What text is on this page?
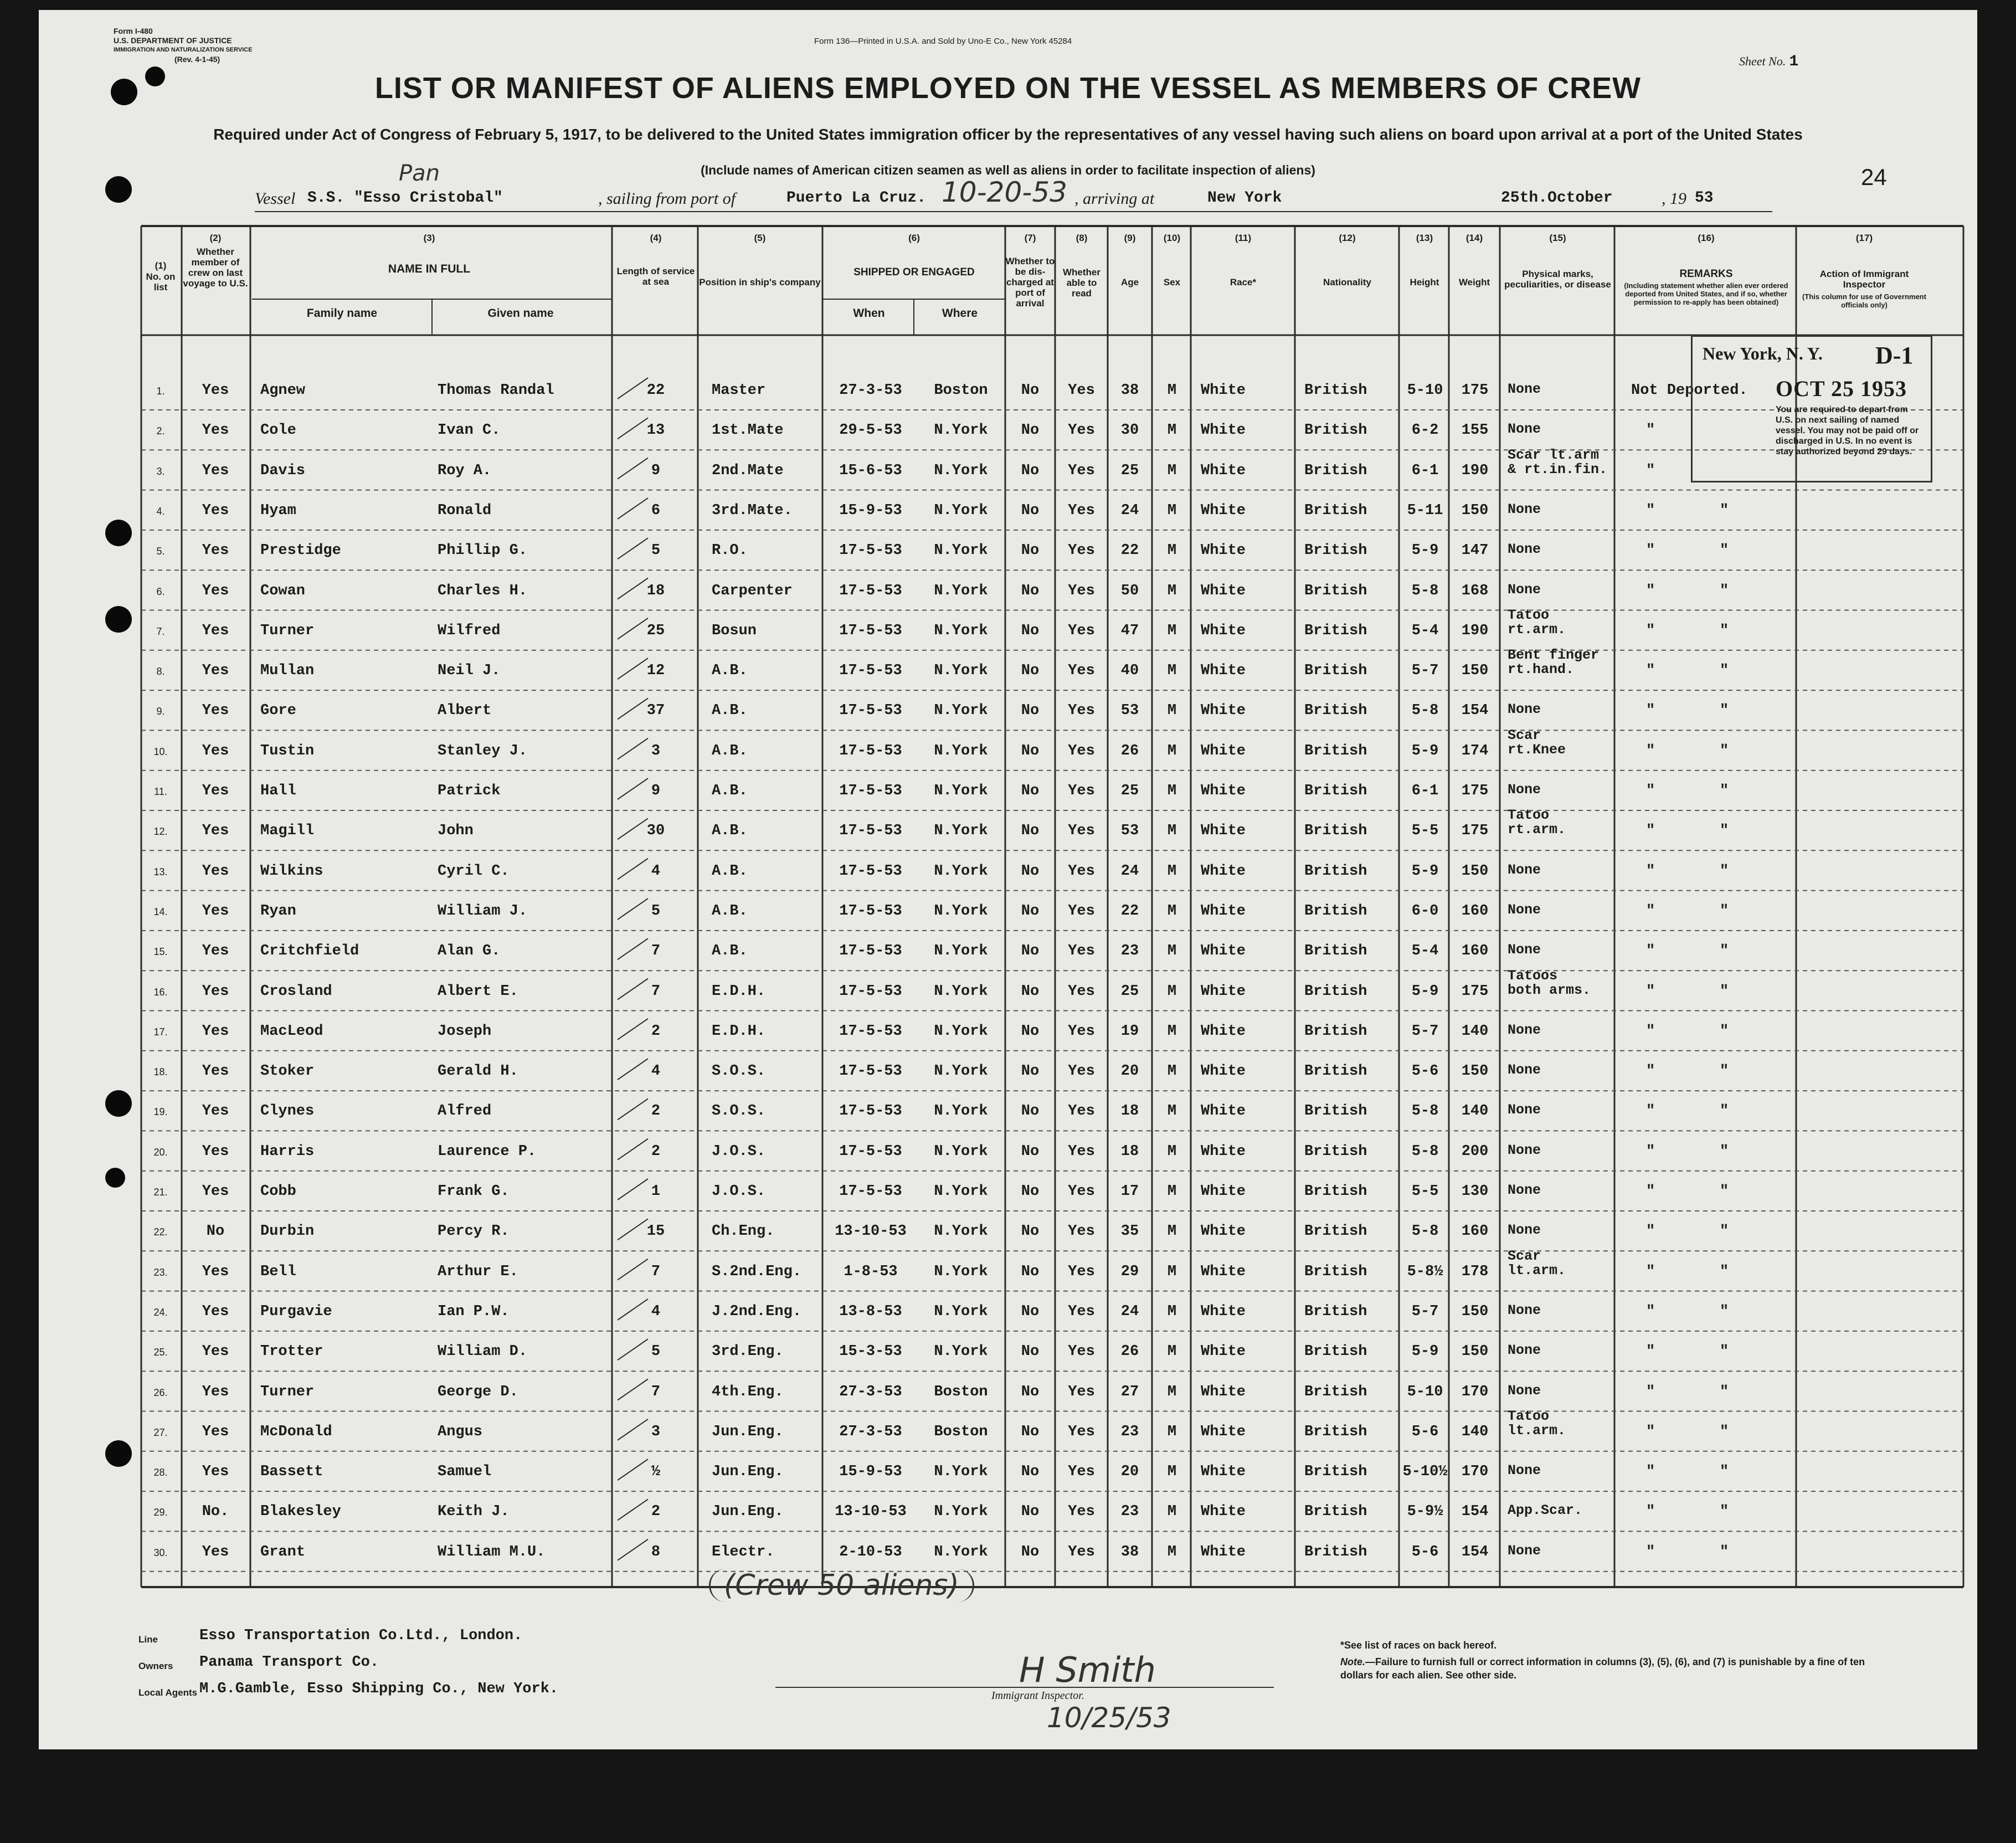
Form I-480
U.S. DEPARTMENT OF JUSTICE
IMMIGRATION AND NATURALIZATION SERVICE
(Rev. 4-1-45)
Form 136—Printed in U.S.A. and Sold by Uno-E Co., New York 45284
Sheet No. 1
LIST OR MANIFEST OF ALIENS EMPLOYED ON THE VESSEL AS MEMBERS OF CREW
Required under Act of Congress of February 5, 1917, to be delivered to the United States immigration officer by the representatives of any vessel having such aliens on board upon arrival at a port of the United States
(Include names of American citizen seamen as well as aliens in order to facilitate inspection of aliens)	24
Pan
Vessel S.S. "Esso Cristobal"	, sailing from port of	Puerto La Cruz.	, arriving at	New York	25th.October	, 19 53
10-20-53
(1)
No. on list
(2)
Whether member of crew on last voyage to U.S.
(3)
NAME IN FULL
Family name	Given name
(4)
Length of service at sea
(5)
Position in ship's company
(6)
SHIPPED OR ENGAGED
When	Where
(7)
Whether to be dis-charged at port of arrival
(8)
Whether able to read
(9)
Age
(10)
Sex
(11)
Race*
(12)
Nationality
(13)
Height
(14)
Weight
(15)
Physical marks, peculiarities, or disease
(16)
REMARKS
(Including statement whether alien ever ordered deported from United States, and if so, whether permission to re-apply has been obtained)
(17)
Action of Immigrant Inspector
(This column for use of Government officials only)
1.	Yes	Agnew	Thomas Randal	22	Master	27-3-53	Boston	No	Yes	38	M	White	British	5-10	175	None	Not Deported.
2.	Yes	Cole	Ivan C.	13	1st.Mate	29-5-53	N.York	No	Yes	30	M	White	British	6-2	155	None	"
3.	Yes	Davis	Roy A.	9	2nd.Mate	15-6-53	N.York	No	Yes	25	M	White	British	6-1	190
Scar lt.arm
& rt.in.fin.	"
4.	Yes	Hyam	Ronald	6	3rd.Mate.	15-9-53	N.York	No	Yes	24	M	White	British	5-11	150	None	"	"
5.	Yes	Prestidge	Phillip G.	5	R.O.	17-5-53	N.York	No	Yes	22	M	White	British	5-9	147	None	"	"
6.	Yes	Cowan	Charles H.	18	Carpenter	17-5-53	N.York	No	Yes	50	M	White	British	5-8	168	None	"	"
7.	Yes	Turner	Wilfred	25	Bosun	17-5-53	N.York	No	Yes	47	M	White	British	5-4	190
Tatoo
rt.arm.	"	"
8.	Yes	Mullan	Neil J.	12	A.B.	17-5-53	N.York	No	Yes	40	M	White	British	5-7	150
Bent finger
rt.hand.	"	"
9.	Yes	Gore	Albert	37	A.B.	17-5-53	N.York	No	Yes	53	M	White	British	5-8	154	None	"	"
10.	Yes	Tustin	Stanley J.	3	A.B.	17-5-53	N.York	No	Yes	26	M	White	British	5-9	174
Scar
rt.Knee	"	"
11.	Yes	Hall	Patrick	9	A.B.	17-5-53	N.York	No	Yes	25	M	White	British	6-1	175	None	"	"
12.	Yes	Magill	John	30	A.B.	17-5-53	N.York	No	Yes	53	M	White	British	5-5	175
Tatoo
rt.arm.	"	"
13.	Yes	Wilkins	Cyril C.	4	A.B.	17-5-53	N.York	No	Yes	24	M	White	British	5-9	150	None	"	"
14.	Yes	Ryan	William J.	5	A.B.	17-5-53	N.York	No	Yes	22	M	White	British	6-0	160	None	"	"
15.	Yes	Critchfield	Alan G.	7	A.B.	17-5-53	N.York	No	Yes	23	M	White	British	5-4	160	None	"	"
16.	Yes	Crosland	Albert E.	7	E.D.H.	17-5-53	N.York	No	Yes	25	M	White	British	5-9	175
Tatoos
both arms.	"	"
17.	Yes	MacLeod	Joseph	2	E.D.H.	17-5-53	N.York	No	Yes	19	M	White	British	5-7	140	None	"	"
18.	Yes	Stoker	Gerald H.	4	S.O.S.	17-5-53	N.York	No	Yes	20	M	White	British	5-6	150	None	"	"
19.	Yes	Clynes	Alfred	2	S.O.S.	17-5-53	N.York	No	Yes	18	M	White	British	5-8	140	None	"	"
20.	Yes	Harris	Laurence P.	2	J.O.S.	17-5-53	N.York	No	Yes	18	M	White	British	5-8	200	None	"	"
21.	Yes	Cobb	Frank G.	1	J.O.S.	17-5-53	N.York	No	Yes	17	M	White	British	5-5	130	None	"	"
22.	No	Durbin	Percy R.	15	Ch.Eng.	13-10-53	N.York	No	Yes	35	M	White	British	5-8	160	None	"	"
23.	Yes	Bell	Arthur E.	7	S.2nd.Eng.	1-8-53	N.York	No	Yes	29	M	White	British	5-8½	178
Scar
lt.arm.	"	"
24.	Yes	Purgavie	Ian P.W.	4	J.2nd.Eng.	13-8-53	N.York	No	Yes	24	M	White	British	5-7	150	None	"	"
25.	Yes	Trotter	William D.	5	3rd.Eng.	15-3-53	N.York	No	Yes	26	M	White	British	5-9	150	None	"	"
26.	Yes	Turner	George D.	7	4th.Eng.	27-3-53	Boston	No	Yes	27	M	White	British	5-10	170	None	"	"
27.	Yes	McDonald	Angus	3	Jun.Eng.	27-3-53	Boston	No	Yes	23	M	White	British	5-6	140
Tatoo
lt.arm.	"	"
28.	Yes	Bassett	Samuel	½	Jun.Eng.	15-9-53	N.York	No	Yes	20	M	White	British	5-10½ 170	None	"	"
29.	No.	Blakesley	Keith J.	2	Jun.Eng.	13-10-53	N.York	No	Yes	23	M	White	British	5-9½	154	App.Scar.	"	"
30.	Yes	Grant	William M.U.	8	Electr.	2-10-53	N.York	No	Yes	38	M	White	British	5-6	154	None	"	"
New York, N. Y. D-1
OCT 25 1953
You are required to depart from U.S. on next sailing of named vessel. You may not be paid off or discharged in U.S. In no event is stay authorized beyond 29 days.
(Crew 50 aliens)
Line	Esso Transportation Co.Ltd., London.
Owners Panama Transport Co.
Local Agents M.G.Gamble, Esso Shipping Co., New York.	H Smith
Immigrant Inspector.
10/25/53
*See list of races on back hereof.
Note.—Failure to furnish full or correct information in columns (3), (5), (6), and (7) is punishable by a fine of ten dollars for each alien. See other side.
